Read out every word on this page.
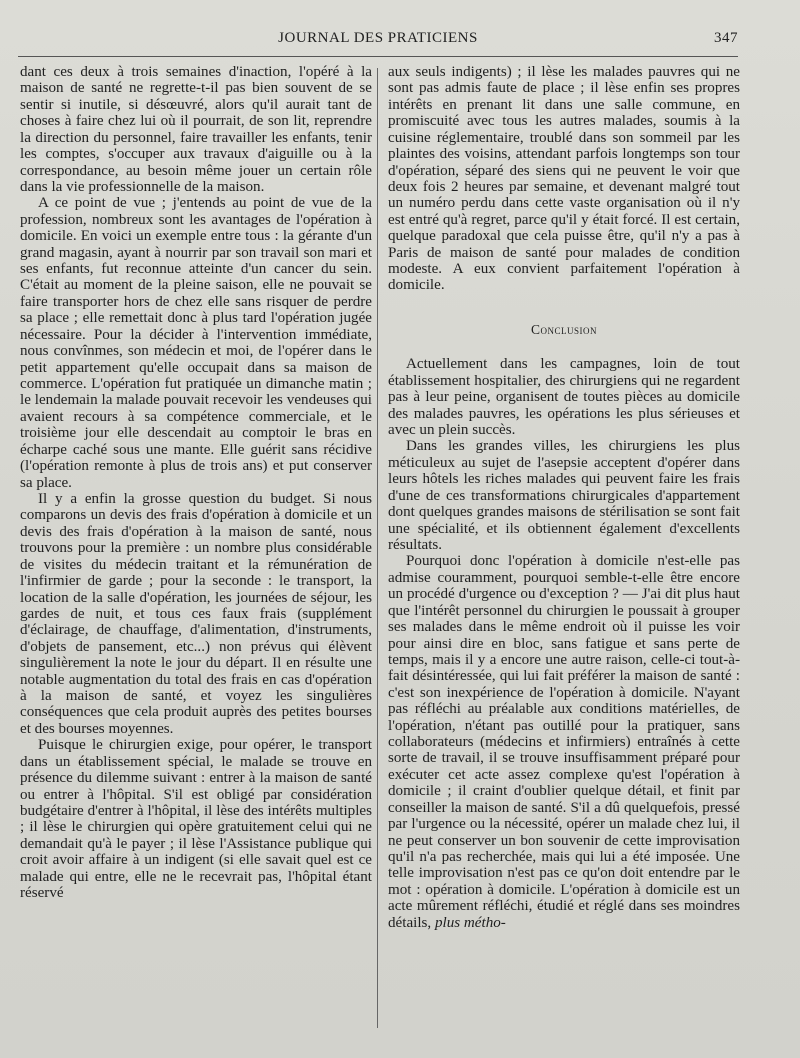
JOURNAL DES PRATICIENS	347

dant ces deux à trois semaines d'inaction, l'opéré à la maison de santé ne regrette-t-il pas bien souvent de se sentir si inutile, si désœuvré, alors qu'il aurait tant de choses à faire chez lui où il pourrait, de son lit, reprendre la direction du personnel, faire travailler les enfants, tenir les comptes, s'occuper aux travaux d'aiguille ou à la correspondance, au besoin même jouer un certain rôle dans la vie professionnelle de la maison.

A ce point de vue ; j'entends au point de vue de la profession, nombreux sont les avantages de l'opération à domicile. En voici un exemple entre tous : la gérante d'un grand magasin, ayant à nourrir par son travail son mari et ses enfants, fut reconnue atteinte d'un cancer du sein. C'était au moment de la pleine saison, elle ne pouvait se faire transporter hors de chez elle sans risquer de perdre sa place ; elle remettait donc à plus tard l'opération jugée nécessaire. Pour la décider à l'intervention immédiate, nous convînmes, son médecin et moi, de l'opérer dans le petit appartement qu'elle occupait dans sa maison de commerce. L'opération fut pratiquée un dimanche matin ; le lendemain la malade pouvait recevoir les vendeuses qui avaient recours à sa compétence commerciale, et le troisième jour elle descendait au comptoir le bras en écharpe caché sous une mante. Elle guérit sans récidive (l'opération remonte à plus de trois ans) et put conserver sa place.

Il y a enfin la grosse question du budget. Si nous comparons un devis des frais d'opération à domicile et un devis des frais d'opération à la maison de santé, nous trouvons pour la première : un nombre plus considérable de visites du médecin traitant et la rémunération de l'infirmier de garde ; pour la seconde : le transport, la location de la salle d'opération, les journées de séjour, les gardes de nuit, et tous ces faux frais (supplément d'éclairage, de chauffage, d'alimentation, d'instruments, d'objets de pansement, etc...) non prévus qui élèvent singulièrement la note le jour du départ. Il en résulte une notable augmentation du total des frais en cas d'opération à la maison de santé, et voyez les singulières conséquences que cela produit auprès des petites bourses et des bourses moyennes.

Puisque le chirurgien exige, pour opérer, le transport dans un établissement spécial, le malade se trouve en présence du dilemme suivant : entrer à la maison de santé ou entrer à l'hôpital. S'il est obligé par considération budgétaire d'entrer à l'hôpital, il lèse des intérêts multiples ; il lèse le chirurgien qui opère gratuitement celui qui ne demandait qu'à le payer ; il lèse l'Assistance publique qui croit avoir affaire à un indigent (si elle savait quel est ce malade qui entre, elle ne le recevrait pas, l'hôpital étant réservé

aux seuls indigents) ; il lèse les malades pauvres qui ne sont pas admis faute de place ; il lèse enfin ses propres intérêts en prenant lit dans une salle commune, en promiscuité avec tous les autres malades, soumis à la cuisine réglementaire, troublé dans son sommeil par les plaintes des voisins, attendant parfois longtemps son tour d'opération, séparé des siens qui ne peuvent le voir que deux fois 2 heures par semaine, et devenant malgré tout un numéro perdu dans cette vaste organisation où il n'y est entré qu'à regret, parce qu'il y était forcé. Il est certain, quelque paradoxal que cela puisse être, qu'il n'y a pas à Paris de maison de santé pour malades de condition modeste. A eux convient parfaitement l'opération à domicile.

Conclusion

Actuellement dans les campagnes, loin de tout établissement hospitalier, des chirurgiens qui ne regardent pas à leur peine, organisent de toutes pièces au domicile des malades pauvres, les opérations les plus sérieuses et avec un plein succès.

Dans les grandes villes, les chirurgiens les plus méticuleux au sujet de l'asepsie acceptent d'opérer dans leurs hôtels les riches malades qui peuvent faire les frais d'une de ces transformations chirurgicales d'appartement dont quelques grandes maisons de stérilisation se sont fait une spécialité, et ils obtiennent également d'excellents résultats.

Pourquoi donc l'opération à domicile n'est-elle pas admise couramment, pourquoi semble-t-elle être encore un procédé d'urgence ou d'exception ? — J'ai dit plus haut que l'intérêt personnel du chirurgien le poussait à grouper ses malades dans le même endroit où il puisse les voir pour ainsi dire en bloc, sans fatigue et sans perte de temps, mais il y a encore une autre raison, celle-ci tout-à-fait désintéressée, qui lui fait préférer la maison de santé : c'est son inexpérience de l'opération à domicile. N'ayant pas réfléchi au préalable aux conditions matérielles, de l'opération, n'étant pas outillé pour la pratiquer, sans collaborateurs (médecins et infirmiers) entraînés à cette sorte de travail, il se trouve insuffisamment préparé pour exécuter cet acte assez complexe qu'est l'opération à domicile ; il craint d'oublier quelque détail, et finit par conseiller la maison de santé. S'il a dû quelquefois, pressé par l'urgence ou la nécessité, opérer un malade chez lui, il ne peut conserver un bon souvenir de cette improvisation qu'il n'a pas recherchée, mais qui lui a été imposée. Une telle improvisation n'est pas ce qu'on doit entendre par le mot : opération à domicile. L'opération à domicile est un acte mûrement réfléchi, étudié et réglé dans ses moindres détails, plus métho-
